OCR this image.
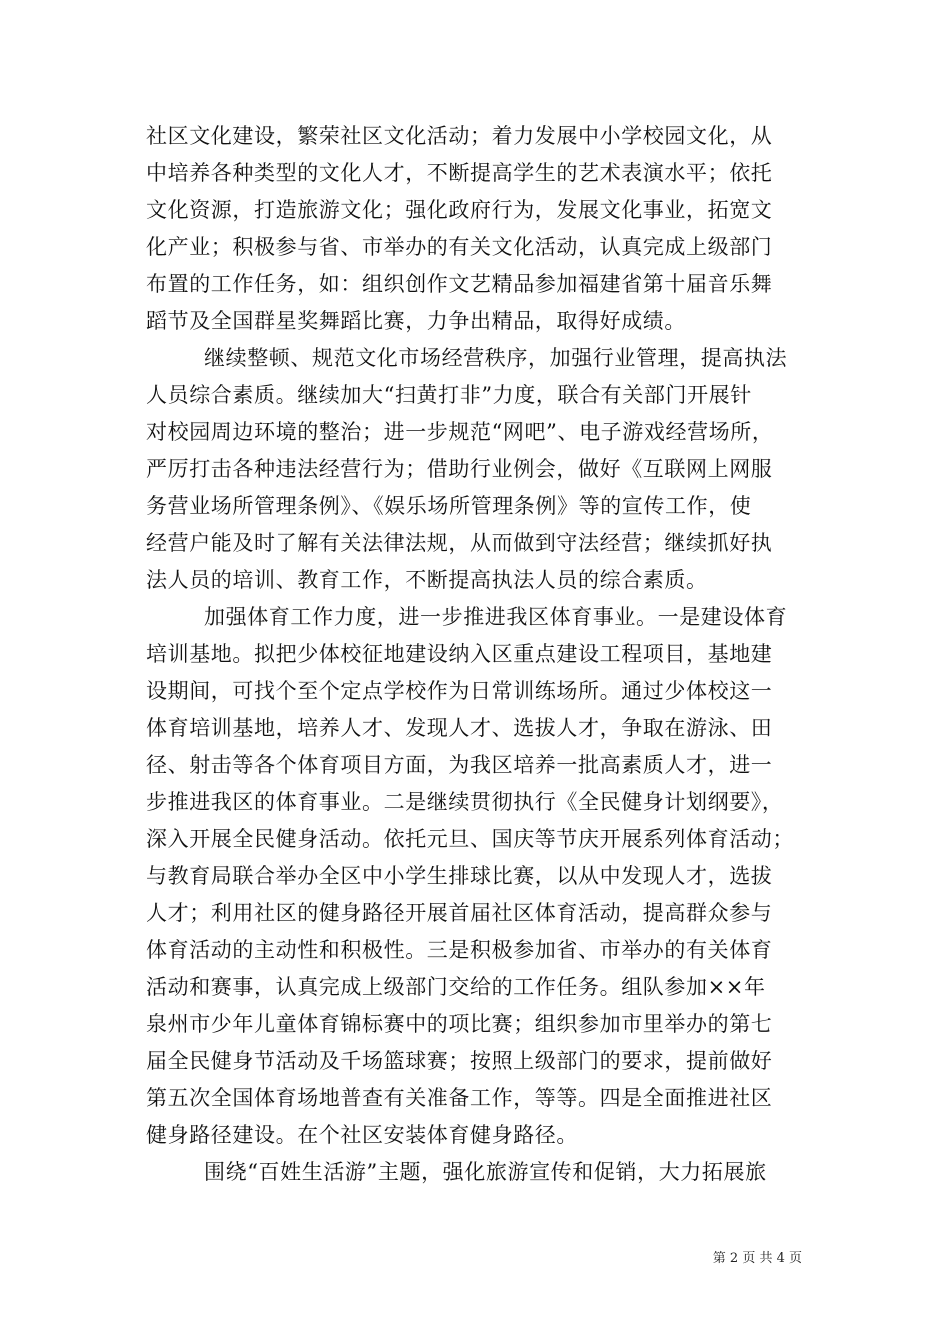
社区文化建设，繁荣社区文化活动；着力发展中小学校园文化，从
中培养各种类型的文化人才，不断提高学生的艺术表演水平；依托
文化资源，打造旅游文化；强化政府行为，发展文化事业，拓宽文
化产业；积极参与省、市举办的有关文化活动，认真完成上级部门
布置的工作任务，如：组织创作文艺精品参加福建省第十届音乐舞
蹈节及全国群星奖舞蹈比赛，力争出精品，取得好成绩。
继续整顿、规范文化市场经营秩序，加强行业管理，提高执法
人员综合素质。继续加大“扫黄打非”力度，联合有关部门开展针
对校园周边环境的整治；进一步规范“网吧”、电子游戏经营场所，
严厉打击各种违法经营行为；借助行业例会，做好《互联网上网服
务营业场所管理条例》、《娱乐场所管理条例》等的宣传工作，使
经营户能及时了解有关法律法规，从而做到守法经营；继续抓好执
法人员的培训、教育工作，不断提高执法人员的综合素质。
加强体育工作力度，进一步推进我区体育事业。一是建设体育
培训基地。拟把少体校征地建设纳入区重点建设工程项目，基地建
设期间，可找个至个定点学校作为日常训练场所。通过少体校这一
体育培训基地，培养人才、发现人才、选拔人才，争取在游泳、田
径、射击等各个体育项目方面，为我区培养一批高素质人才，进一
步推进我区的体育事业。二是继续贯彻执行《全民健身计划纲要》，
深入开展全民健身活动。依托元旦、国庆等节庆开展系列体育活动；
与教育局联合举办全区中小学生排球比赛，以从中发现人才，选拔
人才；利用社区的健身路径开展首届社区体育活动，提高群众参与
体育活动的主动性和积极性。三是积极参加省、市举办的有关体育
活动和赛事，认真完成上级部门交给的工作任务。组队参加××年
泉州市少年儿童体育锦标赛中的项比赛；组织参加市里举办的第七
届全民健身节活动及千场篮球赛；按照上级部门的要求，提前做好
第五次全国体育场地普查有关准备工作，等等。四是全面推进社区
健身路径建设。在个社区安装体育健身路径。
围绕“百姓生活游”主题，强化旅游宣传和促销，大力拓展旅
第 2 页 共 4 页
